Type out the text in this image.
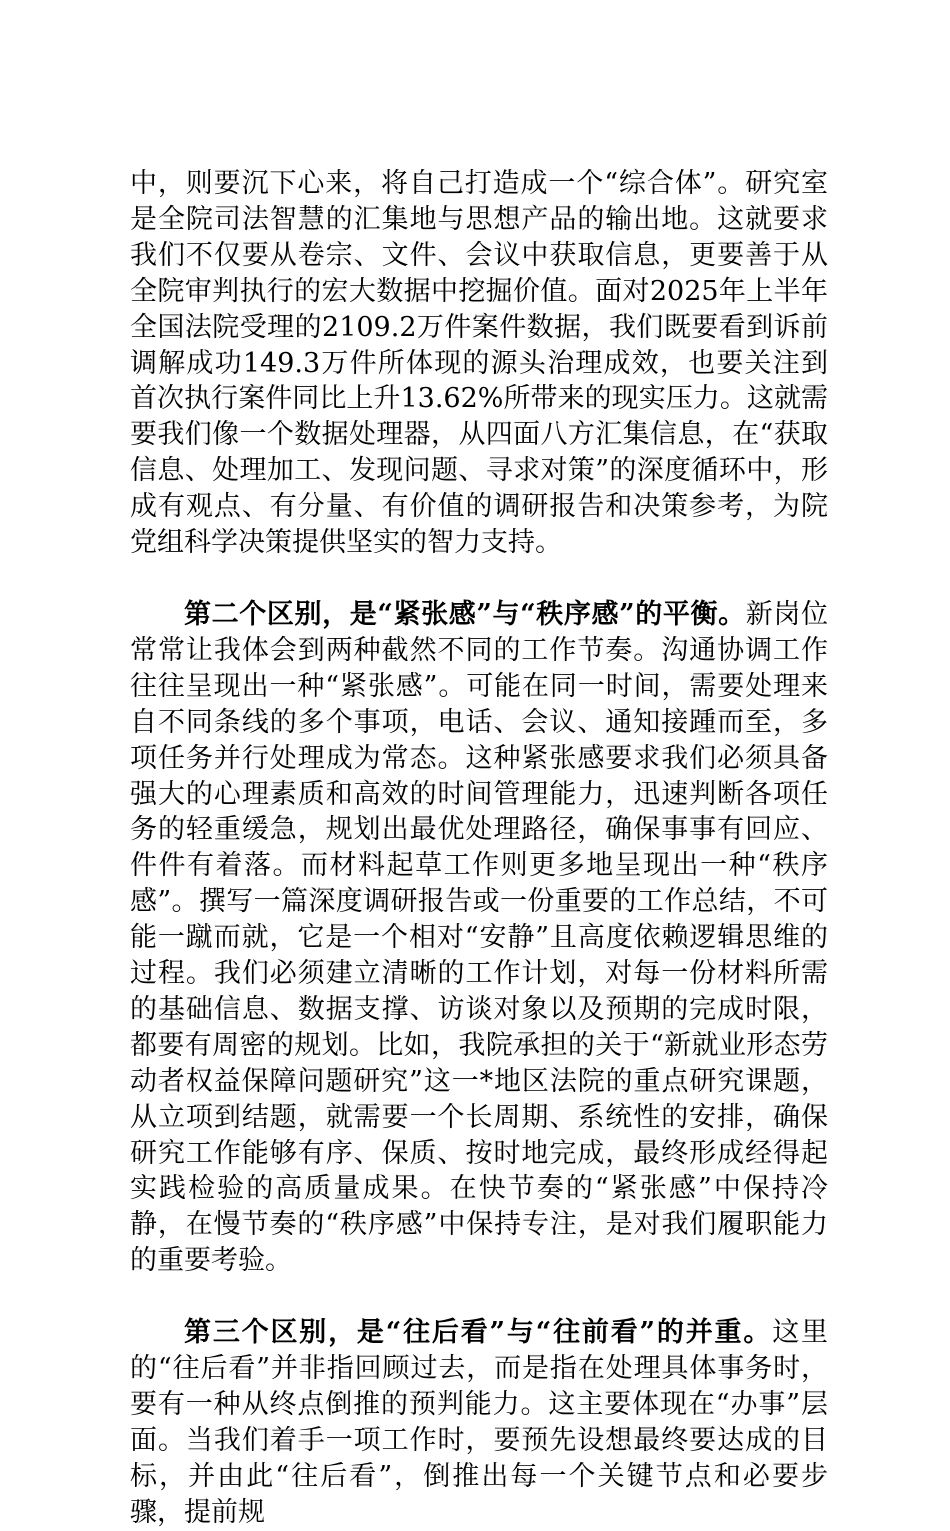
中，则要沉下心来，将自己打造成一个“综合体”。研究室是全院司法智慧的汇集地与思想产品的输出地。这就要求我们不仅要从卷宗、文件、会议中获取信息，更要善于从全院审判执行的宏大数据中挖掘价值。面对2025年上半年全国法院受理的2109.2万件案件数据，我们既要看到诉前调解成功149.3万件所体现的源头治理成效，也要关注到首次执行案件同比上升13.62%所带来的现实压力。这就需要我们像一个数据处理器，从四面八方汇集信息，在“获取信息、处理加工、发现问题、寻求对策”的深度循环中，形成有观点、有分量、有价值的调研报告和决策参考，为院党组科学决策提供坚实的智力支持。

第二个区别，是“紧张感”与“秩序感”的平衡。新岗位常常让我体会到两种截然不同的工作节奏。沟通协调工作往往呈现出一种“紧张感”。可能在同一时间，需要处理来自不同条线的多个事项，电话、会议、通知接踵而至，多项任务并行处理成为常态。这种紧张感要求我们必须具备强大的心理素质和高效的时间管理能力，迅速判断各项任务的轻重缓急，规划出最优处理路径，确保事事有回应、件件有着落。而材料起草工作则更多地呈现出一种“秩序感”。撰写一篇深度调研报告或一份重要的工作总结，不可能一蹴而就，它是一个相对“安静”且高度依赖逻辑思维的过程。我们必须建立清晰的工作计划，对每一份材料所需的基础信息、数据支撑、访谈对象以及预期的完成时限，都要有周密的规划。比如，我院承担的关于“新就业形态劳动者权益保障问题研究”这一*地区法院的重点研究课题，从立项到结题，就需要一个长周期、系统性的安排，确保研究工作能够有序、保质、按时地完成，最终形成经得起实践检验的高质量成果。在快节奏的“紧张感”中保持冷静，在慢节奏的“秩序感”中保持专注，是对我们履职能力的重要考验。

第三个区别，是“往后看”与“往前看”的并重。这里的“往后看”并非指回顾过去，而是指在处理具体事务时，要有一种从终点倒推的预判能力。这主要体现在“办事”层面。当我们着手一项工作时，要预先设想最终要达成的目标，并由此“往后看”，倒推出每一个关键节点和必要步骤，提前规
